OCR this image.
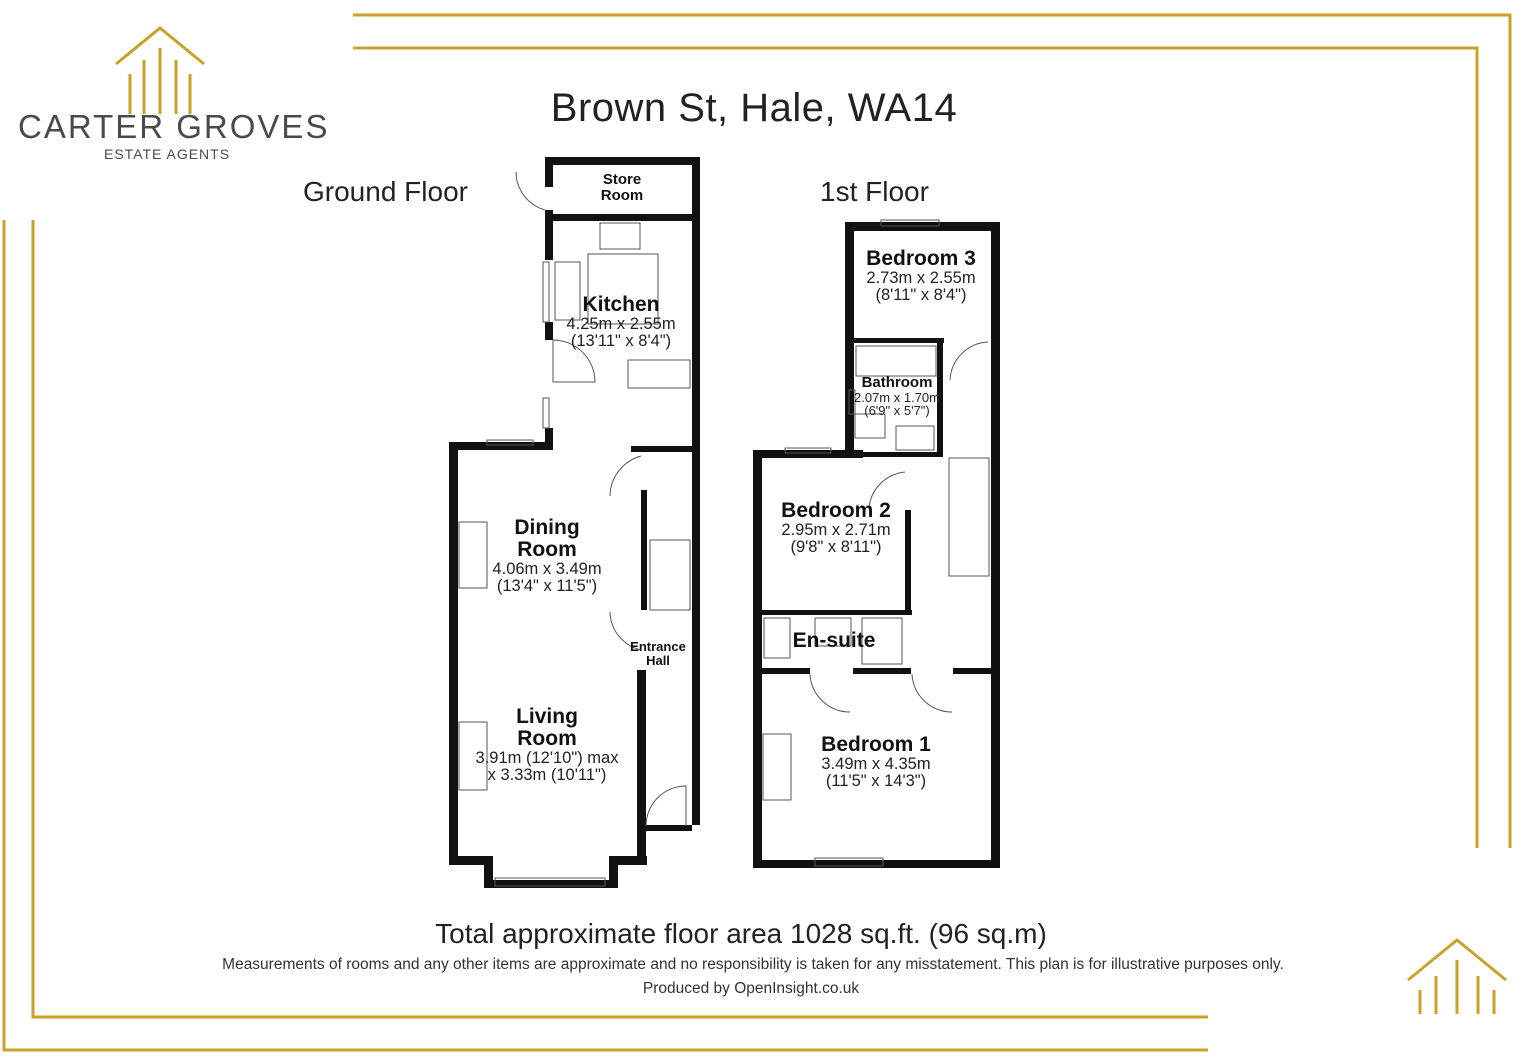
CARTER GROVES
ESTATE AGENTS
Brown St, Hale, WA14
Ground Floor	1st Floor
Store
Room
Kitchen
4.25m x 2.55m
(13'11" x 8'4")
Dining
Room
4.06m x 3.49m
(13'4" x 11'5")
Entrance
Hall
Living
Room
3.91m (12'10") max
x 3.33m (10'11")
Bedroom 3
2.73m x 2.55m
(8'11" x 8'4")
Bathroom
2.07m x 1.70m
(6'9" x 5'7")
Bedroom 2
2.95m x 2.71m
(9'8" x 8'11")
En-suite
Bedroom 1
3.49m x 4.35m
(11'5" x 14'3")
Total approximate floor area 1028 sq.ft. (96 sq.m)
Measurements of rooms and any other items are approximate and no responsibility is taken for any misstatement. This plan is for illustrative purposes only.
Produced by OpenInsight.co.uk
